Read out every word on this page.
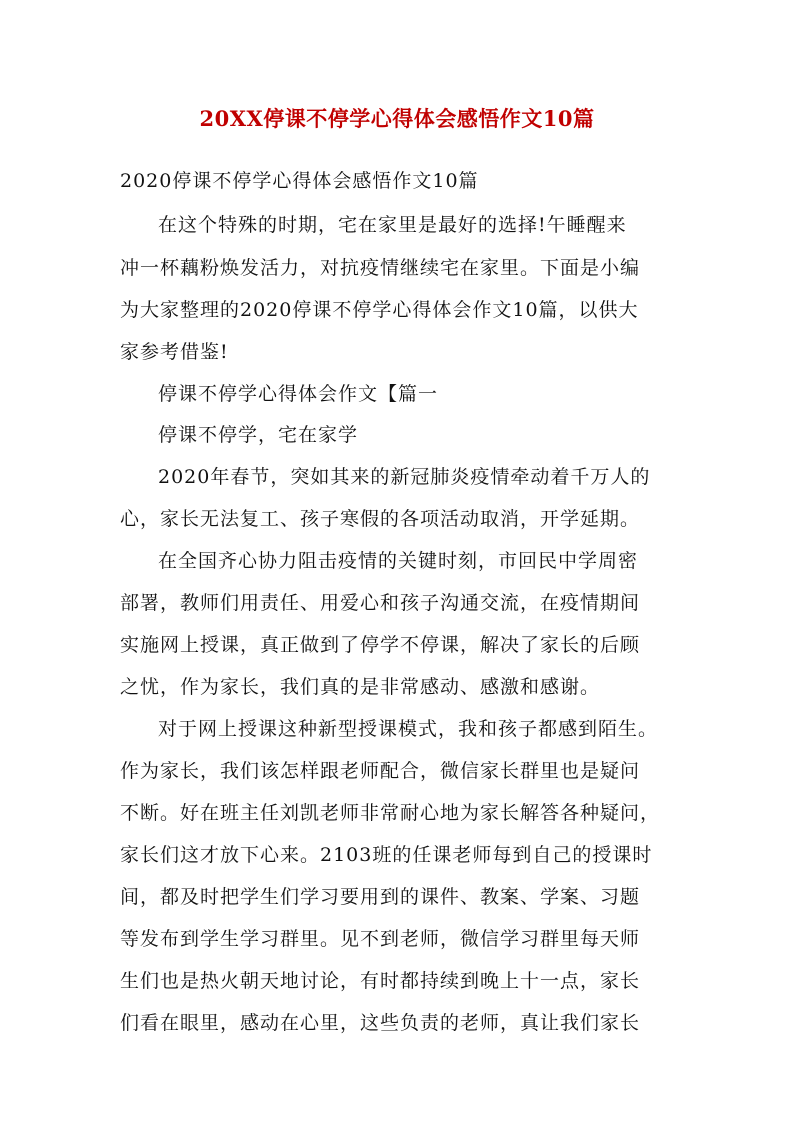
20XX停课不停学心得体会感悟作文10篇
2020停课不停学心得体会感悟作文10篇
在这个特殊的时期，宅在家里是最好的选择!午睡醒来
冲一杯藕粉焕发活力，对抗疫情继续宅在家里。下面是小编
为大家整理的2020停课不停学心得体会作文10篇，以供大
家参考借鉴!
停课不停学心得体会作文【篇一
停课不停学，宅在家学
2020年春节，突如其来的新冠肺炎疫情牵动着千万人的
心，家长无法复工、孩子寒假的各项活动取消，开学延期。
在全国齐心协力阻击疫情的关键时刻，市回民中学周密
部署，教师们用责任、用爱心和孩子沟通交流，在疫情期间
实施网上授课，真正做到了停学不停课，解决了家长的后顾
之忧，作为家长，我们真的是非常感动、感激和感谢。
对于网上授课这种新型授课模式，我和孩子都感到陌生。
作为家长，我们该怎样跟老师配合，微信家长群里也是疑问
不断。好在班主任刘凯老师非常耐心地为家长解答各种疑问，
家长们这才放下心来。2103班的任课老师每到自己的授课时
间，都及时把学生们学习要用到的课件、教案、学案、习题
等发布到学生学习群里。见不到老师，微信学习群里每天师
生们也是热火朝天地讨论，有时都持续到晚上十一点，家长
们看在眼里，感动在心里，这些负责的老师，真让我们家长
